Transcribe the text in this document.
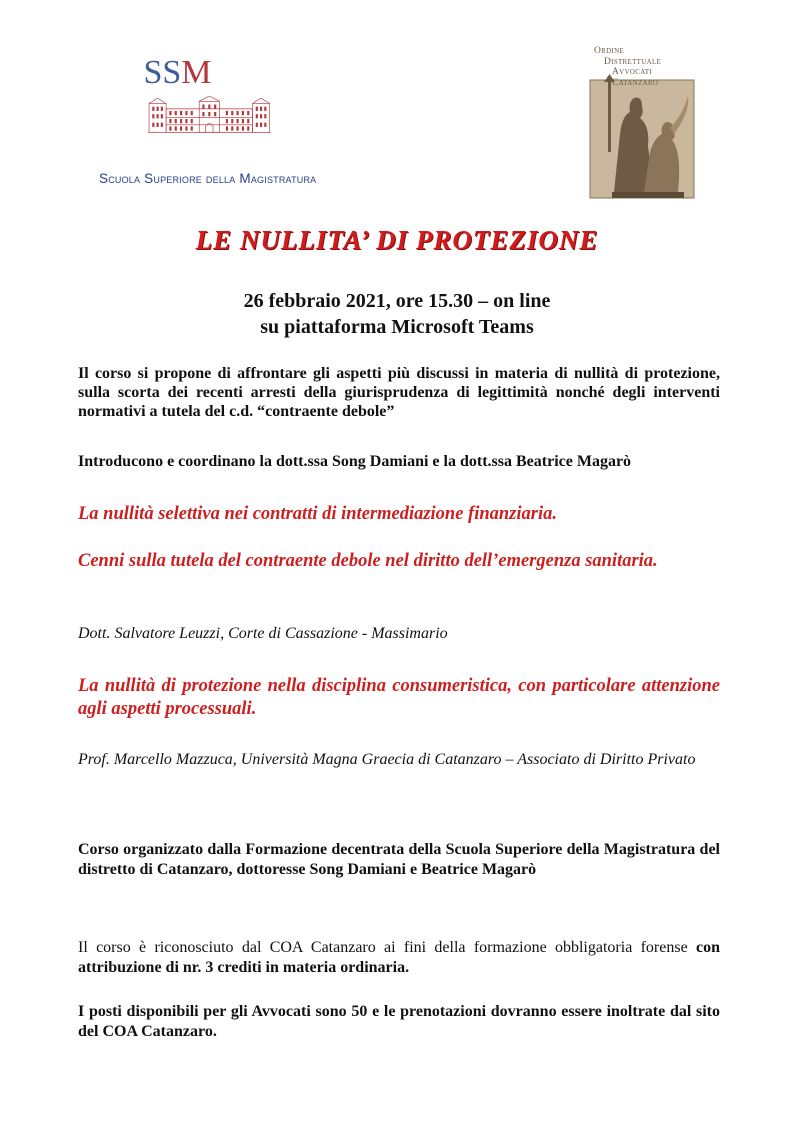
SSM
Scuola Superiore della Magistratura
Ordine
Distrettuale
Avvocati
Catanzaro
LE NULLITA’ DI PROTEZIONE
26 febbraio 2021, ore 15.30 – on line
su piattaforma Microsoft Teams
Il corso si propone di affrontare gli aspetti più discussi in materia di nullità di protezione, sulla scorta dei recenti arresti della giurisprudenza di legittimità nonché degli interventi normativi a tutela del c.d. “contraente debole”
Introducono e coordinano la dott.ssa Song Damiani e la dott.ssa Beatrice Magarò
La nullità selettiva nei contratti di intermediazione finanziaria.
Cenni sulla tutela del contraente debole nel diritto dell’emergenza sanitaria.
Dott. Salvatore Leuzzi, Corte di Cassazione - Massimario
La nullità di protezione nella disciplina consumeristica, con particolare attenzione agli aspetti processuali.
Prof. Marcello Mazzuca, Università Magna Graecia di Catanzaro – Associato di Diritto Privato
Corso organizzato dalla Formazione decentrata della Scuola Superiore della Magistratura del distretto di Catanzaro, dottoresse Song Damiani e Beatrice Magarò
Il corso è riconosciuto dal COA Catanzaro ai fini della formazione obbligatoria forense con attribuzione di nr. 3 crediti in materia ordinaria.
I posti disponibili per gli Avvocati sono 50 e le prenotazioni dovranno essere inoltrate dal sito del COA Catanzaro.
